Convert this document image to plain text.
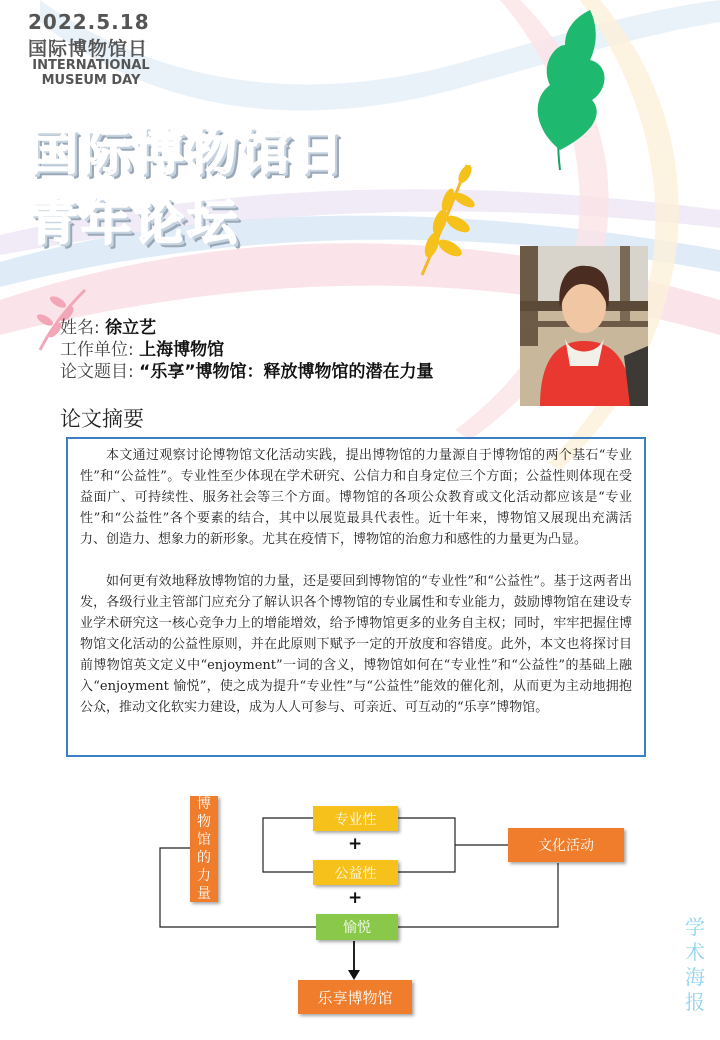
2022.5.18
国际博物馆日
INTERNATIONAL
MUSEUM DAY
国际博物馆日
青年论坛
姓名: 徐立艺
工作单位: 上海博物馆
论文题目: “乐享”博物馆：释放博物馆的潜在力量
论文摘要

本文通过观察讨论博物馆文化活动实践，提出博物馆的力量源自于博物馆的两个基石“专业性”和“公益性”。专业性至少体现在学术研究、公信力和自身定位三个方面；公益性则体现在受益面广、可持续性、服务社会等三个方面。博物馆的各项公众教育或文化活动都应该是“专业性”和“公益性”各个要素的结合，其中以展览最具代表性。近十年来，博物馆又展现出充满活力、创造力、想象力的新形象。尤其在疫情下，博物馆的治愈力和感性的力量更为凸显。

如何更有效地释放博物馆的力量，还是要回到博物馆的“专业性”和“公益性”。基于这两者出发，各级行业主管部门应充分了解认识各个博物馆的专业属性和专业能力，鼓励博物馆在建设专业学术研究这一核心竞争力上的增能增效，给予博物馆更多的业务自主权；同时，牢牢把握住博物馆文化活动的公益性原则，并在此原则下赋予一定的开放度和容错度。此外，本文也将探讨目前博物馆英文定义中“enjoyment”一词的含义，博物馆如何在“专业性”和“公益性”的基础上融入“enjoyment 愉悦”，使之成为提升“专业性”与“公益性”能效的催化剂，从而更为主动地拥抱公众，推动文化软实力建设，成为人人可参与、可亲近、可互动的“乐享”博物馆。

博物馆的力量
专业性
+
公益性
+
愉悦
文化活动
乐享博物馆
学术海报
